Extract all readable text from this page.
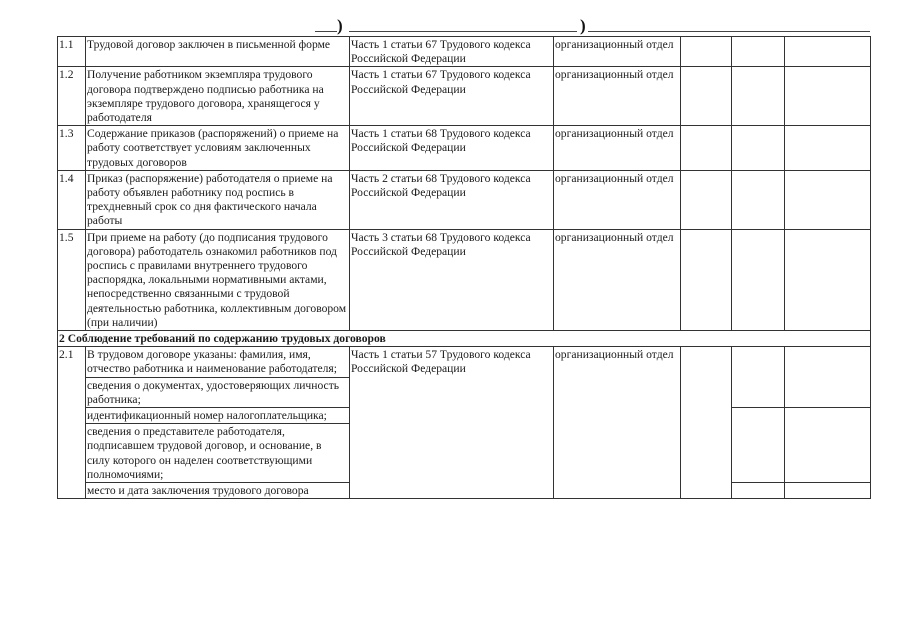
)	)
1.1	Трудовой договор заключен в письменной форме	Часть 1 статьи 67 Трудового кодекса Российской Федерации	организационный отдел			
1.2	Получение работником экземпляра трудового договора подтверждено подписью работника на экземпляре трудового договора, хранящегося у работодателя	Часть 1 статьи 67 Трудового кодекса Российской Федерации	организационный отдел			
1.3	Содержание приказов (распоряжений) о приеме на работу соответствует условиям заключенных трудовых договоров	Часть 1 статьи 68 Трудового кодекса Российской Федерации	организационный отдел			
1.4	Приказ (распоряжение) работодателя о приеме на работу объявлен работнику под роспись в трехдневный срок со дня фактического начала работы	Часть 2 статьи 68 Трудового кодекса Российской Федерации	организационный отдел			
1.5	При приеме на работу (до подписания трудового договора) работодатель ознакомил работников под роспись с правилами внутреннего трудового распорядка, локальными нормативными актами, непосредственно связанными с трудовой деятельностью работника, коллективным договором (при наличии)	Часть 3 статьи 68 Трудового кодекса Российской Федерации	организационный отдел			
2 Соблюдение требований по содержанию трудовых договоров						
2.1	В трудовом договоре указаны: фамилия, имя, отчество работника и наименование работодателя;	Часть 1 статьи 57 Трудового кодекса Российской Федерации	организационный отдел			
	сведения о документах, удостоверяющих личность работника;					
	идентификационный номер налогоплательщика;					
	сведения о представителе работодателя, подписавшем трудовой договор, и основание, в силу которого он наделен соответствующими полномочиями;					
	место и дата заключения трудового договора					
